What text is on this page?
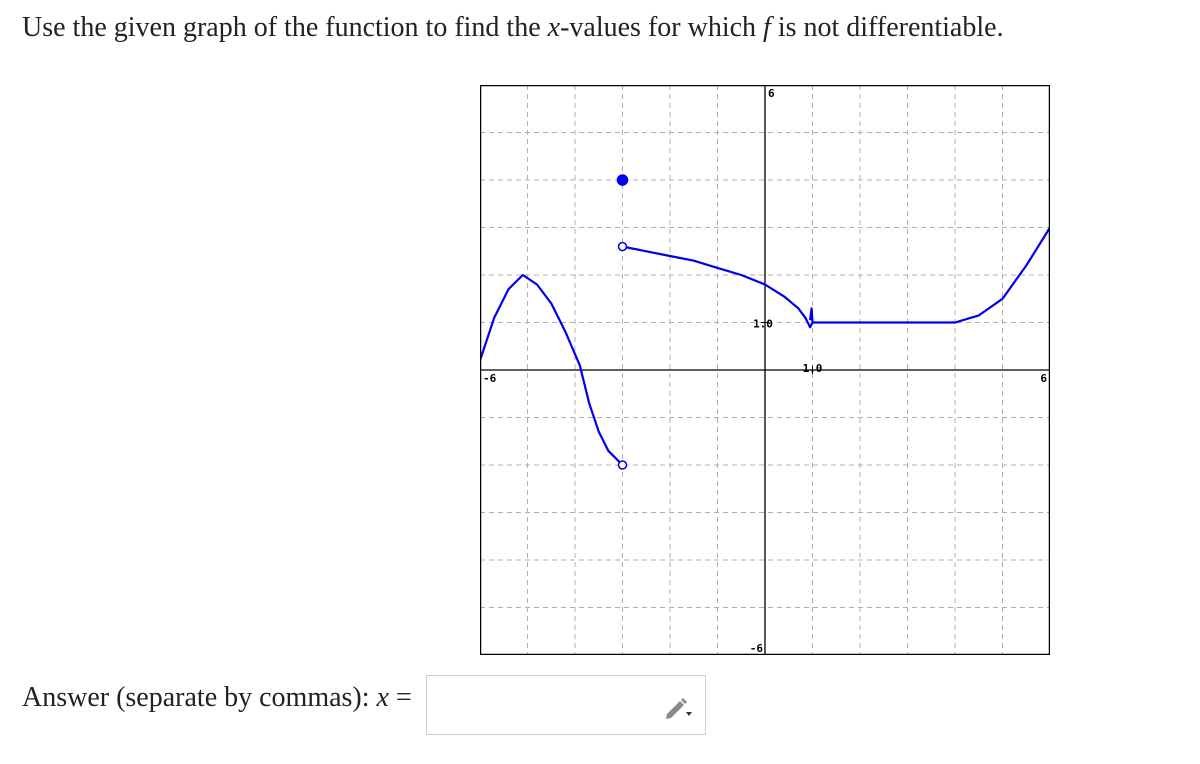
Use the given graph of the function to find the x-values for which f is not differentiable.
-6	6
1.0
6
-6
1.0
Answer (separate by commas): x =
